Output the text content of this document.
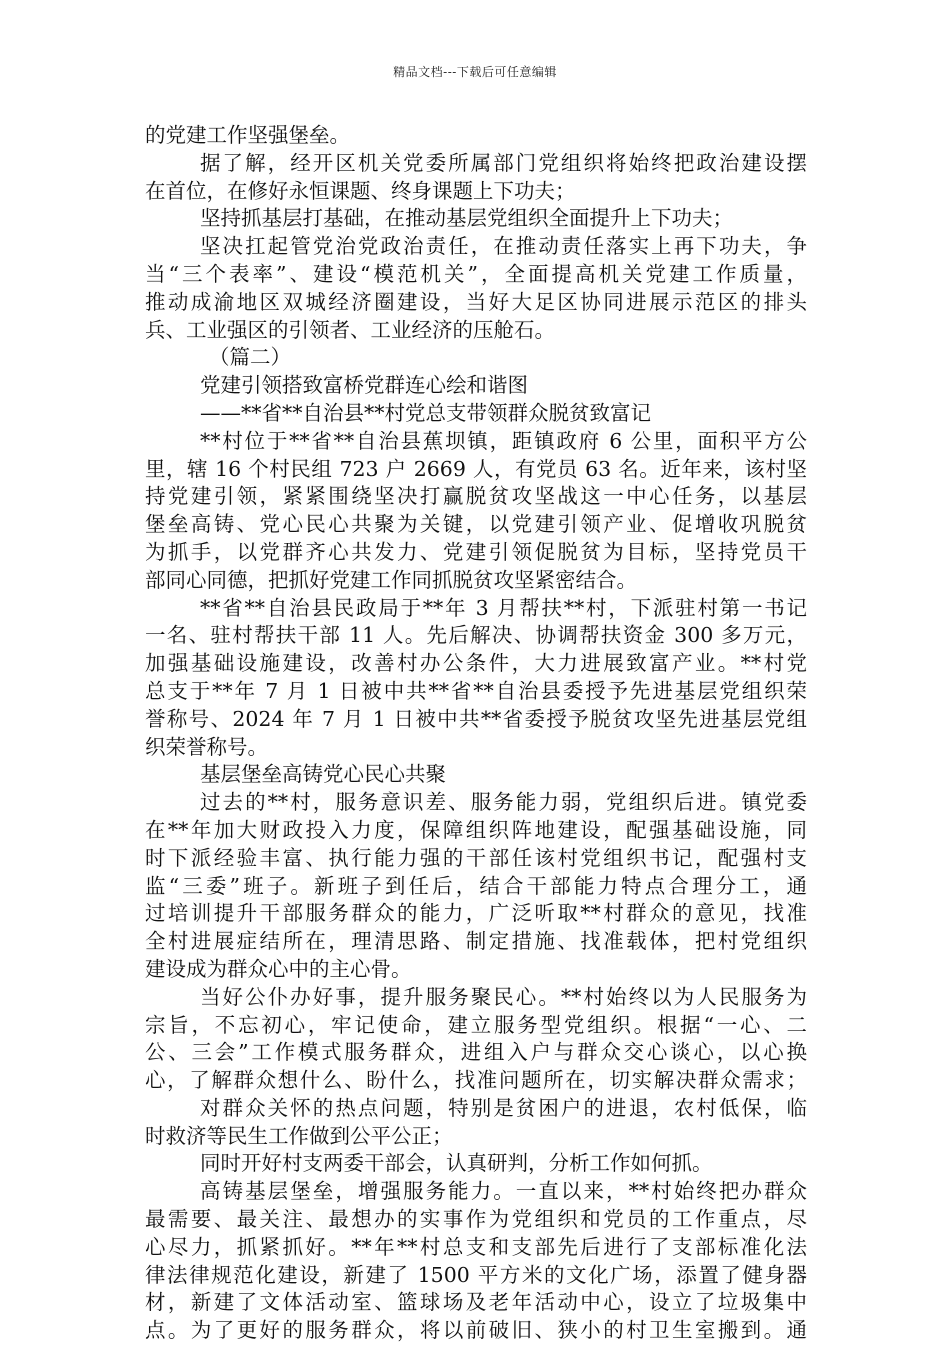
精品文档---下载后可任意编辑
的党建工作坚强堡垒。
据了解，经开区机关党委所属部门党组织将始终把政治建设摆
在首位，在修好永恒课题、终身课题上下功夫；
坚持抓基层打基础，在推动基层党组织全面提升上下功夫；
坚决扛起管党治党政治责任，在推动责任落实上再下功夫，争
当“三个表率”、建设“模范机关”，全面提高机关党建工作质量，
推动成渝地区双城经济圈建设，当好大足区协同进展示范区的排头
兵、工业强区的引领者、工业经济的压舱石。
（篇二）
党建引领搭致富桥党群连心绘和谐图
——**省**自治县**村党总支带领群众脱贫致富记
**村位于**省**自治县蕉坝镇，距镇政府 6 公里，面积平方公
里，辖 16 个村民组 723 户 2669 人，有党员 63 名。近年来，该村坚
持党建引领，紧紧围绕坚决打赢脱贫攻坚战这一中心任务，以基层
堡垒高铸、党心民心共聚为关键，以党建引领产业、促增收巩脱贫
为抓手，以党群齐心共发力、党建引领促脱贫为目标，坚持党员干
部同心同德，把抓好党建工作同抓脱贫攻坚紧密结合。
**省**自治县民政局于**年 3 月帮扶**村，下派驻村第一书记
一名、驻村帮扶干部 11 人。先后解决、协调帮扶资金 300 多万元，
加强基础设施建设，改善村办公条件，大力进展致富产业。**村党
总支于**年 7 月 1 日被中共**省**自治县委授予先进基层党组织荣
誉称号、2024 年 7 月 1 日被中共**省委授予脱贫攻坚先进基层党组
织荣誉称号。
基层堡垒高铸党心民心共聚
过去的**村，服务意识差、服务能力弱，党组织后进。镇党委
在**年加大财政投入力度，保障组织阵地建设，配强基础设施，同
时下派经验丰富、执行能力强的干部任该村党组织书记，配强村支
监“三委”班子。新班子到任后，结合干部能力特点合理分工，通
过培训提升干部服务群众的能力，广泛听取**村群众的意见，找准
全村进展症结所在，理清思路、制定措施、找准载体，把村党组织
建设成为群众心中的主心骨。
当好公仆办好事，提升服务聚民心。**村始终以为人民服务为
宗旨，不忘初心，牢记使命，建立服务型党组织。根据“一心、二
公、三会”工作模式服务群众，进组入户与群众交心谈心，以心换
心，了解群众想什么、盼什么，找准问题所在，切实解决群众需求；
对群众关怀的热点问题，特别是贫困户的进退，农村低保，临
时救济等民生工作做到公平公正；
同时开好村支两委干部会，认真研判，分析工作如何抓。
高铸基层堡垒，增强服务能力。一直以来，**村始终把办群众
最需要、最关注、最想办的实事作为党组织和党员的工作重点，尽
心尽力，抓紧抓好。**年**村总支和支部先后进行了支部标准化法
律法律规范化建设，新建了 1500 平方米的文化广场，添置了健身器
材，新建了文体活动室、篮球场及老年活动中心，设立了垃圾集中
点。为了更好的服务群众，将以前破旧、狭小的村卫生室搬到。通
